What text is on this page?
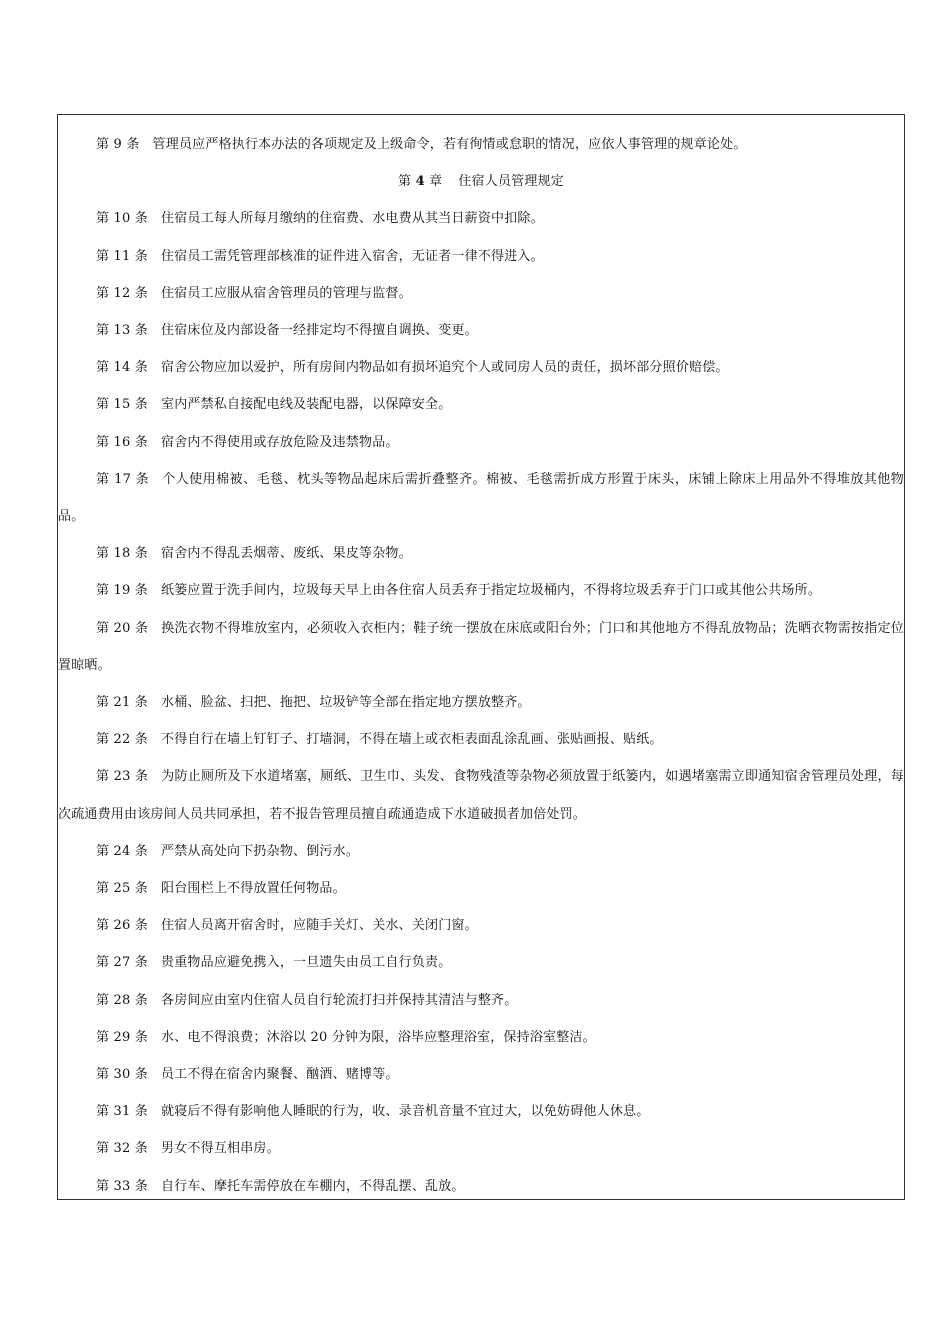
第 9 条 管理员应严格执行本办法的各项规定及上级命令，若有徇情或怠职的情况，应依人事管理的规章论处。

第 4 章 住宿人员管理规定

第 10 条 住宿员工每人所每月缴纳的住宿费、水电费从其当日薪资中扣除。

第 11 条 住宿员工需凭管理部核准的证件进入宿舍，无证者一律不得进入。

第 12 条 住宿员工应服从宿舍管理员的管理与监督。

第 13 条 住宿床位及内部设备一经排定均不得擅自调换、变更。

第 14 条 宿舍公物应加以爱护，所有房间内物品如有损坏追究个人或同房人员的责任，损坏部分照价赔偿。

第 15 条 室内严禁私自接配电线及装配电器，以保障安全。

第 16 条 宿舍内不得使用或存放危险及违禁物品。

第 17 条 个人使用棉被、毛毯、枕头等物品起床后需折叠整齐。棉被、毛毯需折成方形置于床头，床铺上除床上用品外不得堆放其他物品。

第 18 条 宿舍内不得乱丢烟蒂、废纸、果皮等杂物。

第 19 条 纸篓应置于洗手间内，垃圾每天早上由各住宿人员丢弃于指定垃圾桶内，不得将垃圾丢弃于门口或其他公共场所。

第 20 条 换洗衣物不得堆放室内，必须收入衣柜内；鞋子统一摆放在床底或阳台外；门口和其他地方不得乱放物品；洗晒衣物需按指定位置晾晒。

第 21 条 水桶、脸盆、扫把、拖把、垃圾铲等全部在指定地方摆放整齐。

第 22 条 不得自行在墙上钉钉子、打墙洞，不得在墙上或衣柜表面乱涂乱画、张贴画报、贴纸。

第 23 条 为防止厕所及下水道堵塞，厕纸、卫生巾、头发、食物残渣等杂物必须放置于纸篓内，如遇堵塞需立即通知宿舍管理员处理，每次疏通费用由该房间人员共同承担，若不报告管理员擅自疏通造成下水道破损者加倍处罚。

第 24 条 严禁从高处向下扔杂物、倒污水。

第 25 条 阳台围栏上不得放置任何物品。

第 26 条 住宿人员离开宿舍时，应随手关灯、关水、关闭门窗。

第 27 条 贵重物品应避免携入，一旦遗失由员工自行负责。

第 28 条 各房间应由室内住宿人员自行轮流打扫并保持其清洁与整齐。

第 29 条 水、电不得浪费；沐浴以 20 分钟为限，浴毕应整理浴室，保持浴室整洁。

第 30 条 员工不得在宿舍内聚餐、酗酒、赌博等。

第 31 条 就寝后不得有影响他人睡眠的行为，收、录音机音量不宜过大，以免妨碍他人休息。

第 32 条 男女不得互相串房。

第 33 条 自行车、摩托车需停放在车棚内，不得乱摆、乱放。
